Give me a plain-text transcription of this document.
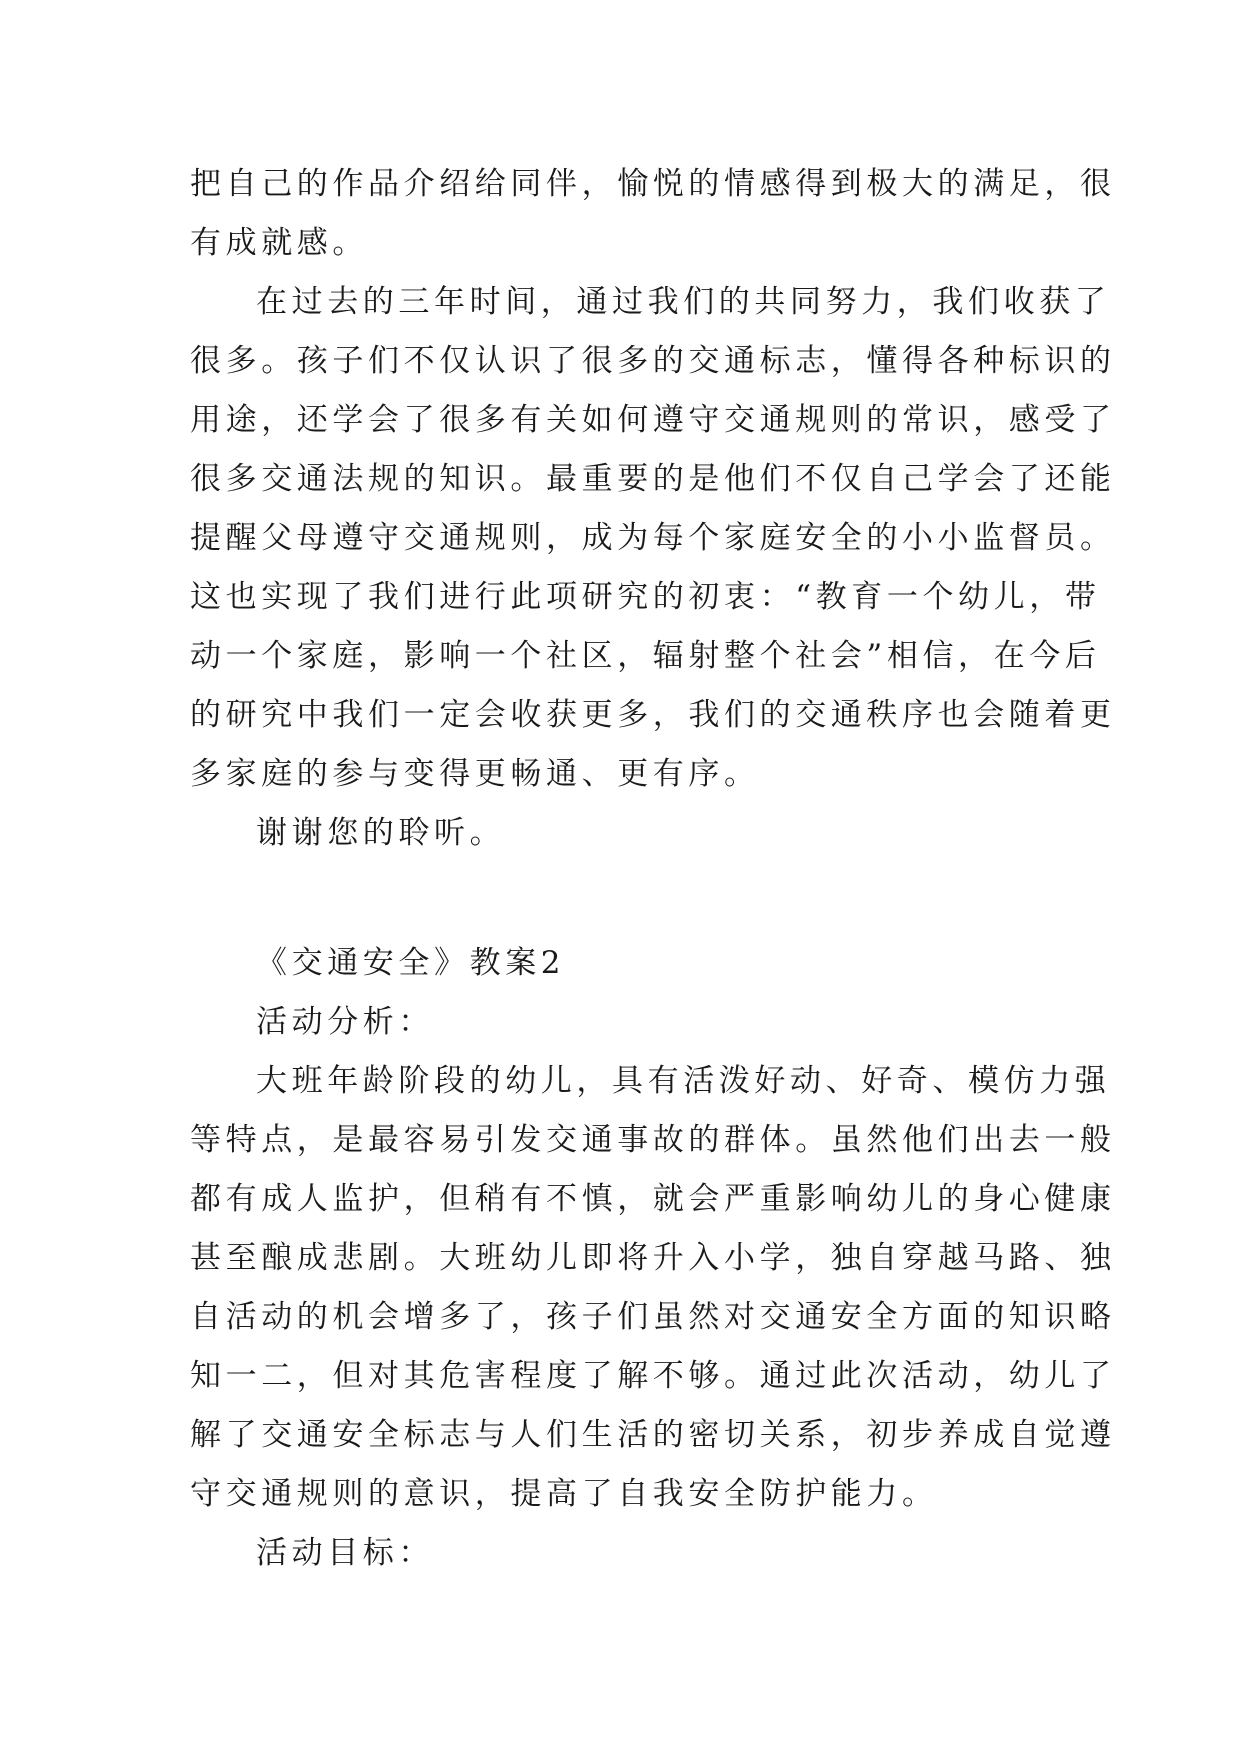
把自己的作品介绍给同伴，愉悦的情感得到极大的满足，很
有成就感。
在过去的三年时间，通过我们的共同努力，我们收获了
很多。孩子们不仅认识了很多的交通标志，懂得各种标识的
用途，还学会了很多有关如何遵守交通规则的常识，感受了
很多交通法规的知识。最重要的是他们不仅自己学会了还能
提醒父母遵守交通规则，成为每个家庭安全的小小监督员。
这也实现了我们进行此项研究的初衷：“教育一个幼儿，带
动一个家庭，影响一个社区，辐射整个社会”相信，在今后
的研究中我们一定会收获更多，我们的交通秩序也会随着更
多家庭的参与变得更畅通、更有序。
谢谢您的聆听。
《交通安全》教案2
活动分析：
大班年龄阶段的幼儿，具有活泼好动、好奇、模仿力强
等特点，是最容易引发交通事故的群体。虽然他们出去一般
都有成人监护，但稍有不慎，就会严重影响幼儿的身心健康
甚至酿成悲剧。大班幼儿即将升入小学，独自穿越马路、独
自活动的机会增多了，孩子们虽然对交通安全方面的知识略
知一二，但对其危害程度了解不够。通过此次活动，幼儿了
解了交通安全标志与人们生活的密切关系，初步养成自觉遵
守交通规则的意识，提高了自我安全防护能力。
活动目标：
